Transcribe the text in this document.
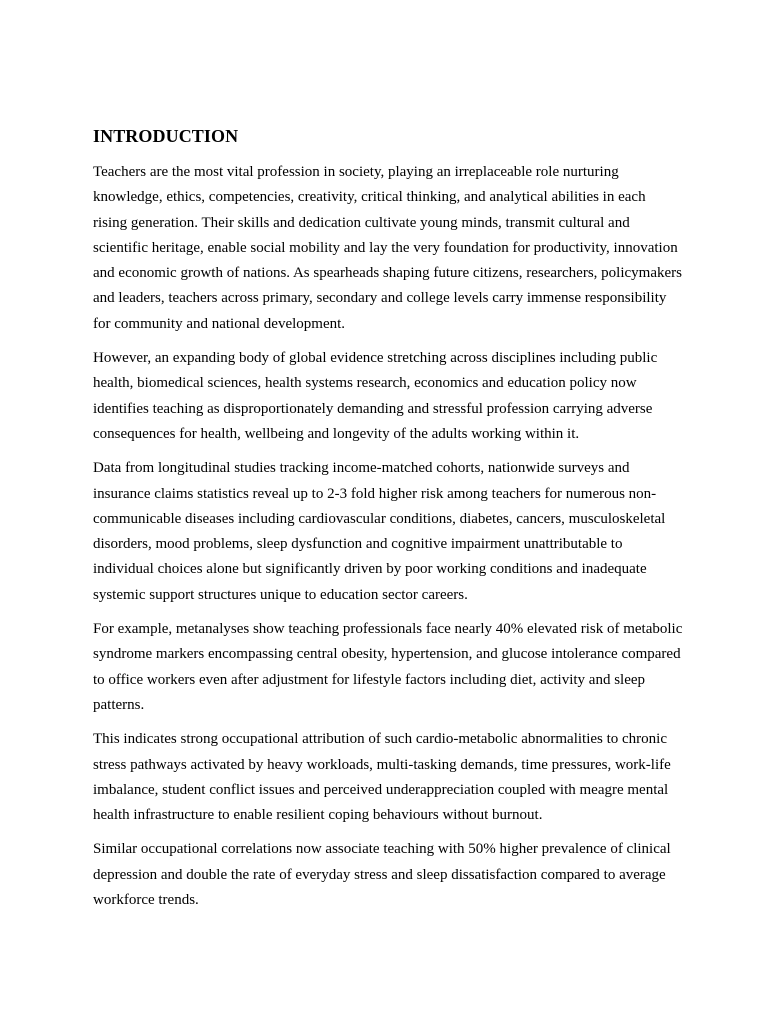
INTRODUCTION

Teachers are the most vital profession in society, playing an irreplaceable role nurturing knowledge, ethics, competencies, creativity, critical thinking, and analytical abilities in each rising generation. Their skills and dedication cultivate young minds, transmit cultural and scientific heritage, enable social mobility and lay the very foundation for productivity, innovation and economic growth of nations. As spearheads shaping future citizens, researchers, policymakers and leaders, teachers across primary, secondary and college levels carry immense responsibility for community and national development.

However, an expanding body of global evidence stretching across disciplines including public health, biomedical sciences, health systems research, economics and education policy now identifies teaching as disproportionately demanding and stressful profession carrying adverse consequences for health, wellbeing and longevity of the adults working within it.

Data from longitudinal studies tracking income-matched cohorts, nationwide surveys and insurance claims statistics reveal up to 2-3 fold higher risk among teachers for numerous non-communicable diseases including cardiovascular conditions, diabetes, cancers, musculoskeletal disorders, mood problems, sleep dysfunction and cognitive impairment unattributable to individual choices alone but significantly driven by poor working conditions and inadequate systemic support structures unique to education sector careers.

For example, metanalyses show teaching professionals face nearly 40% elevated risk of metabolic syndrome markers encompassing central obesity, hypertension, and glucose intolerance compared to office workers even after adjustment for lifestyle factors including diet, activity and sleep patterns.

This indicates strong occupational attribution of such cardio-metabolic abnormalities to chronic stress pathways activated by heavy workloads, multi-tasking demands, time pressures, work-life imbalance, student conflict issues and perceived underappreciation coupled with meagre mental health infrastructure to enable resilient coping behaviours without burnout.

Similar occupational correlations now associate teaching with 50% higher prevalence of clinical depression and double the rate of everyday stress and sleep dissatisfaction compared to average workforce trends.
